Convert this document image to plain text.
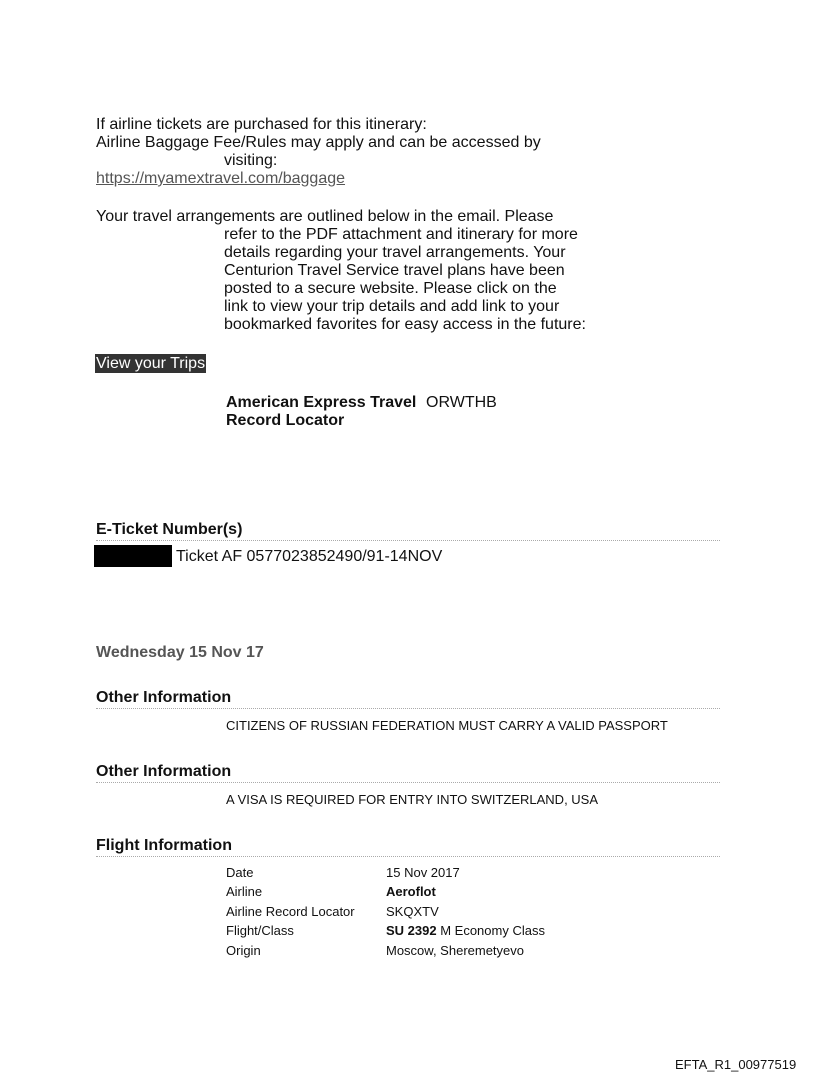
If airline tickets are purchased for this itinerary:
Airline Baggage Fee/Rules may apply and can be accessed by
visiting:
https://myamextravel.com/baggage
Your travel arrangements are outlined below in the email. Please
refer to the PDF attachment and itinerary for more
details regarding your travel arrangements. Your
Centurion Travel Service travel plans have been
posted to a secure website. Please click on the
link to view your trip details and add link to your
bookmarked favorites for easy access in the future:
View your Trips
American Express Travel ORWTHB
Record Locator
E-Ticket Number(s)
Ticket AF 0577023852490/91-14NOV
Wednesday 15 Nov 17
Other Information
CITIZENS OF RUSSIAN FEDERATION MUST CARRY A VALID PASSPORT
Other Information
A VISA IS REQUIRED FOR ENTRY INTO SWITZERLAND, USA
Flight Information
Date	15 Nov 2017
Airline	Aeroflot
Airline Record Locator SKQXTV
Flight/Class	SU 2392 M Economy Class
Origin	Moscow, Sheremetyevo
EFTA_R1_00977519
